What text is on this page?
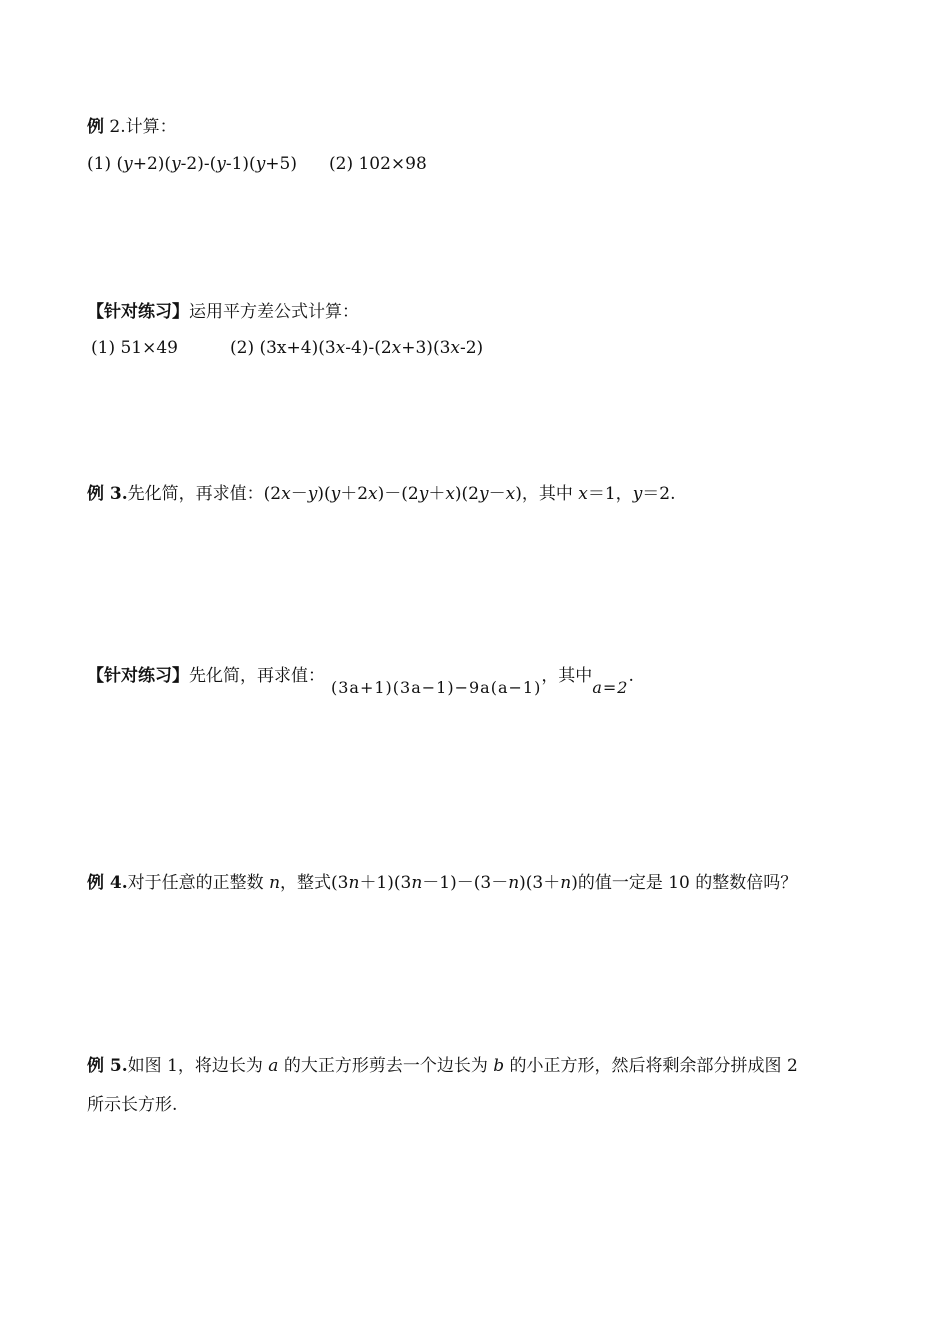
例 2.计算：
(1) (y+2)(y-2)-(y-1)(y+5) (2) 102×98
【针对练习】运用平方差公式计算：
(1) 51×49	(2) (3x+4)(3x-4)-(2x+3)(3x-2)
例 3.先化简，再求值：(2x－y)(y＋2x)－(2y＋x)(2y－x)，其中 x＝1，y＝2.
【针对练习】先化简，再求值：(3a+1)(3a−1)−9a(a−1)，其中a=2.
例 4.对于任意的正整数 n，整式(3n＋1)(3n－1)－(3－n)(3＋n)的值一定是 10 的整数倍吗？
例 5.如图 1，将边长为 a 的大正方形剪去一个边长为 b 的小正方形，然后将剩余部分拼成图 2
所示长方形.
